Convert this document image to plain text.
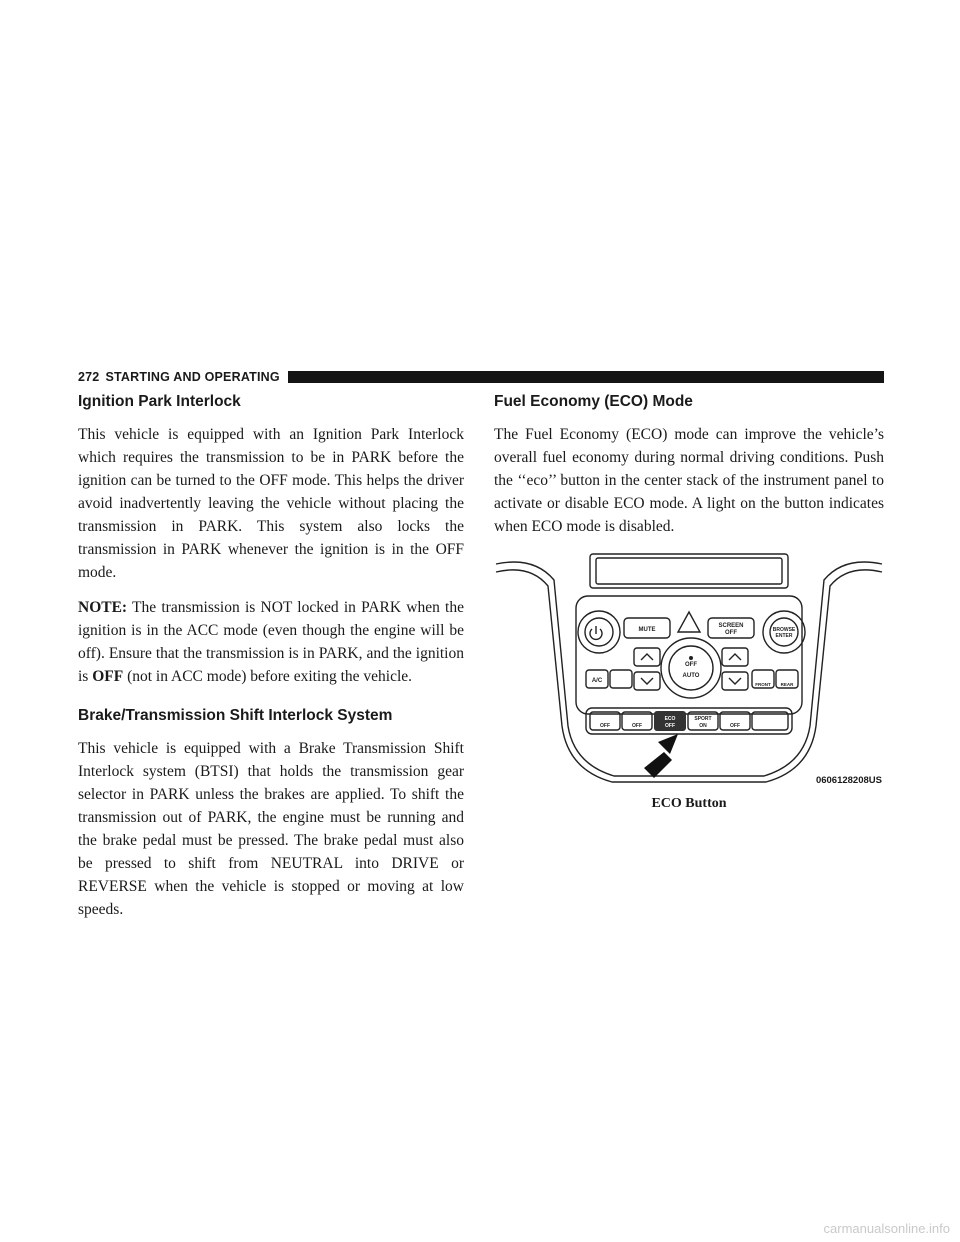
272 STARTING AND OPERATING
Ignition Park Interlock

This vehicle is equipped with an Ignition Park Interlock which requires the transmission to be in PARK before the ignition can be turned to the OFF mode. This helps the driver avoid inadvertently leaving the vehicle without placing the transmission in PARK. This system also locks the transmission in PARK whenever the ignition is in the OFF mode.

NOTE: The transmission is NOT locked in PARK when the ignition is in the ACC mode (even though the engine will be off). Ensure that the transmission is in PARK, and the ignition is OFF (not in ACC mode) before exiting the vehicle.

Brake/Transmission Shift Interlock System

This vehicle is equipped with a Brake Transmission Shift Interlock system (BTSI) that holds the transmission gear selector in PARK unless the brakes are applied. To shift the transmission out of PARK, the engine must be running and the brake pedal must be pressed. The brake pedal must also be pressed to shift from NEUTRAL into DRIVE or REVERSE when the vehicle is stopped or moving at low speeds.

Fuel Economy (ECO) Mode

The Fuel Economy (ECO) mode can improve the vehicle’s overall fuel economy during normal driving conditions. Push the ‘‘eco’’ button in the center stack of the instrument panel to activate or disable ECO mode. A light on the button indicates when ECO mode is disabled.

MUTE
SCREEN
OFF	BROWSE
ENTER
A/C
OFF
AUTO
FRONT REAR
OFF	OFF
ECO
OFF
SPORT
ON	OFF
0606128208US
ECO Button
carmanualsonline.info
